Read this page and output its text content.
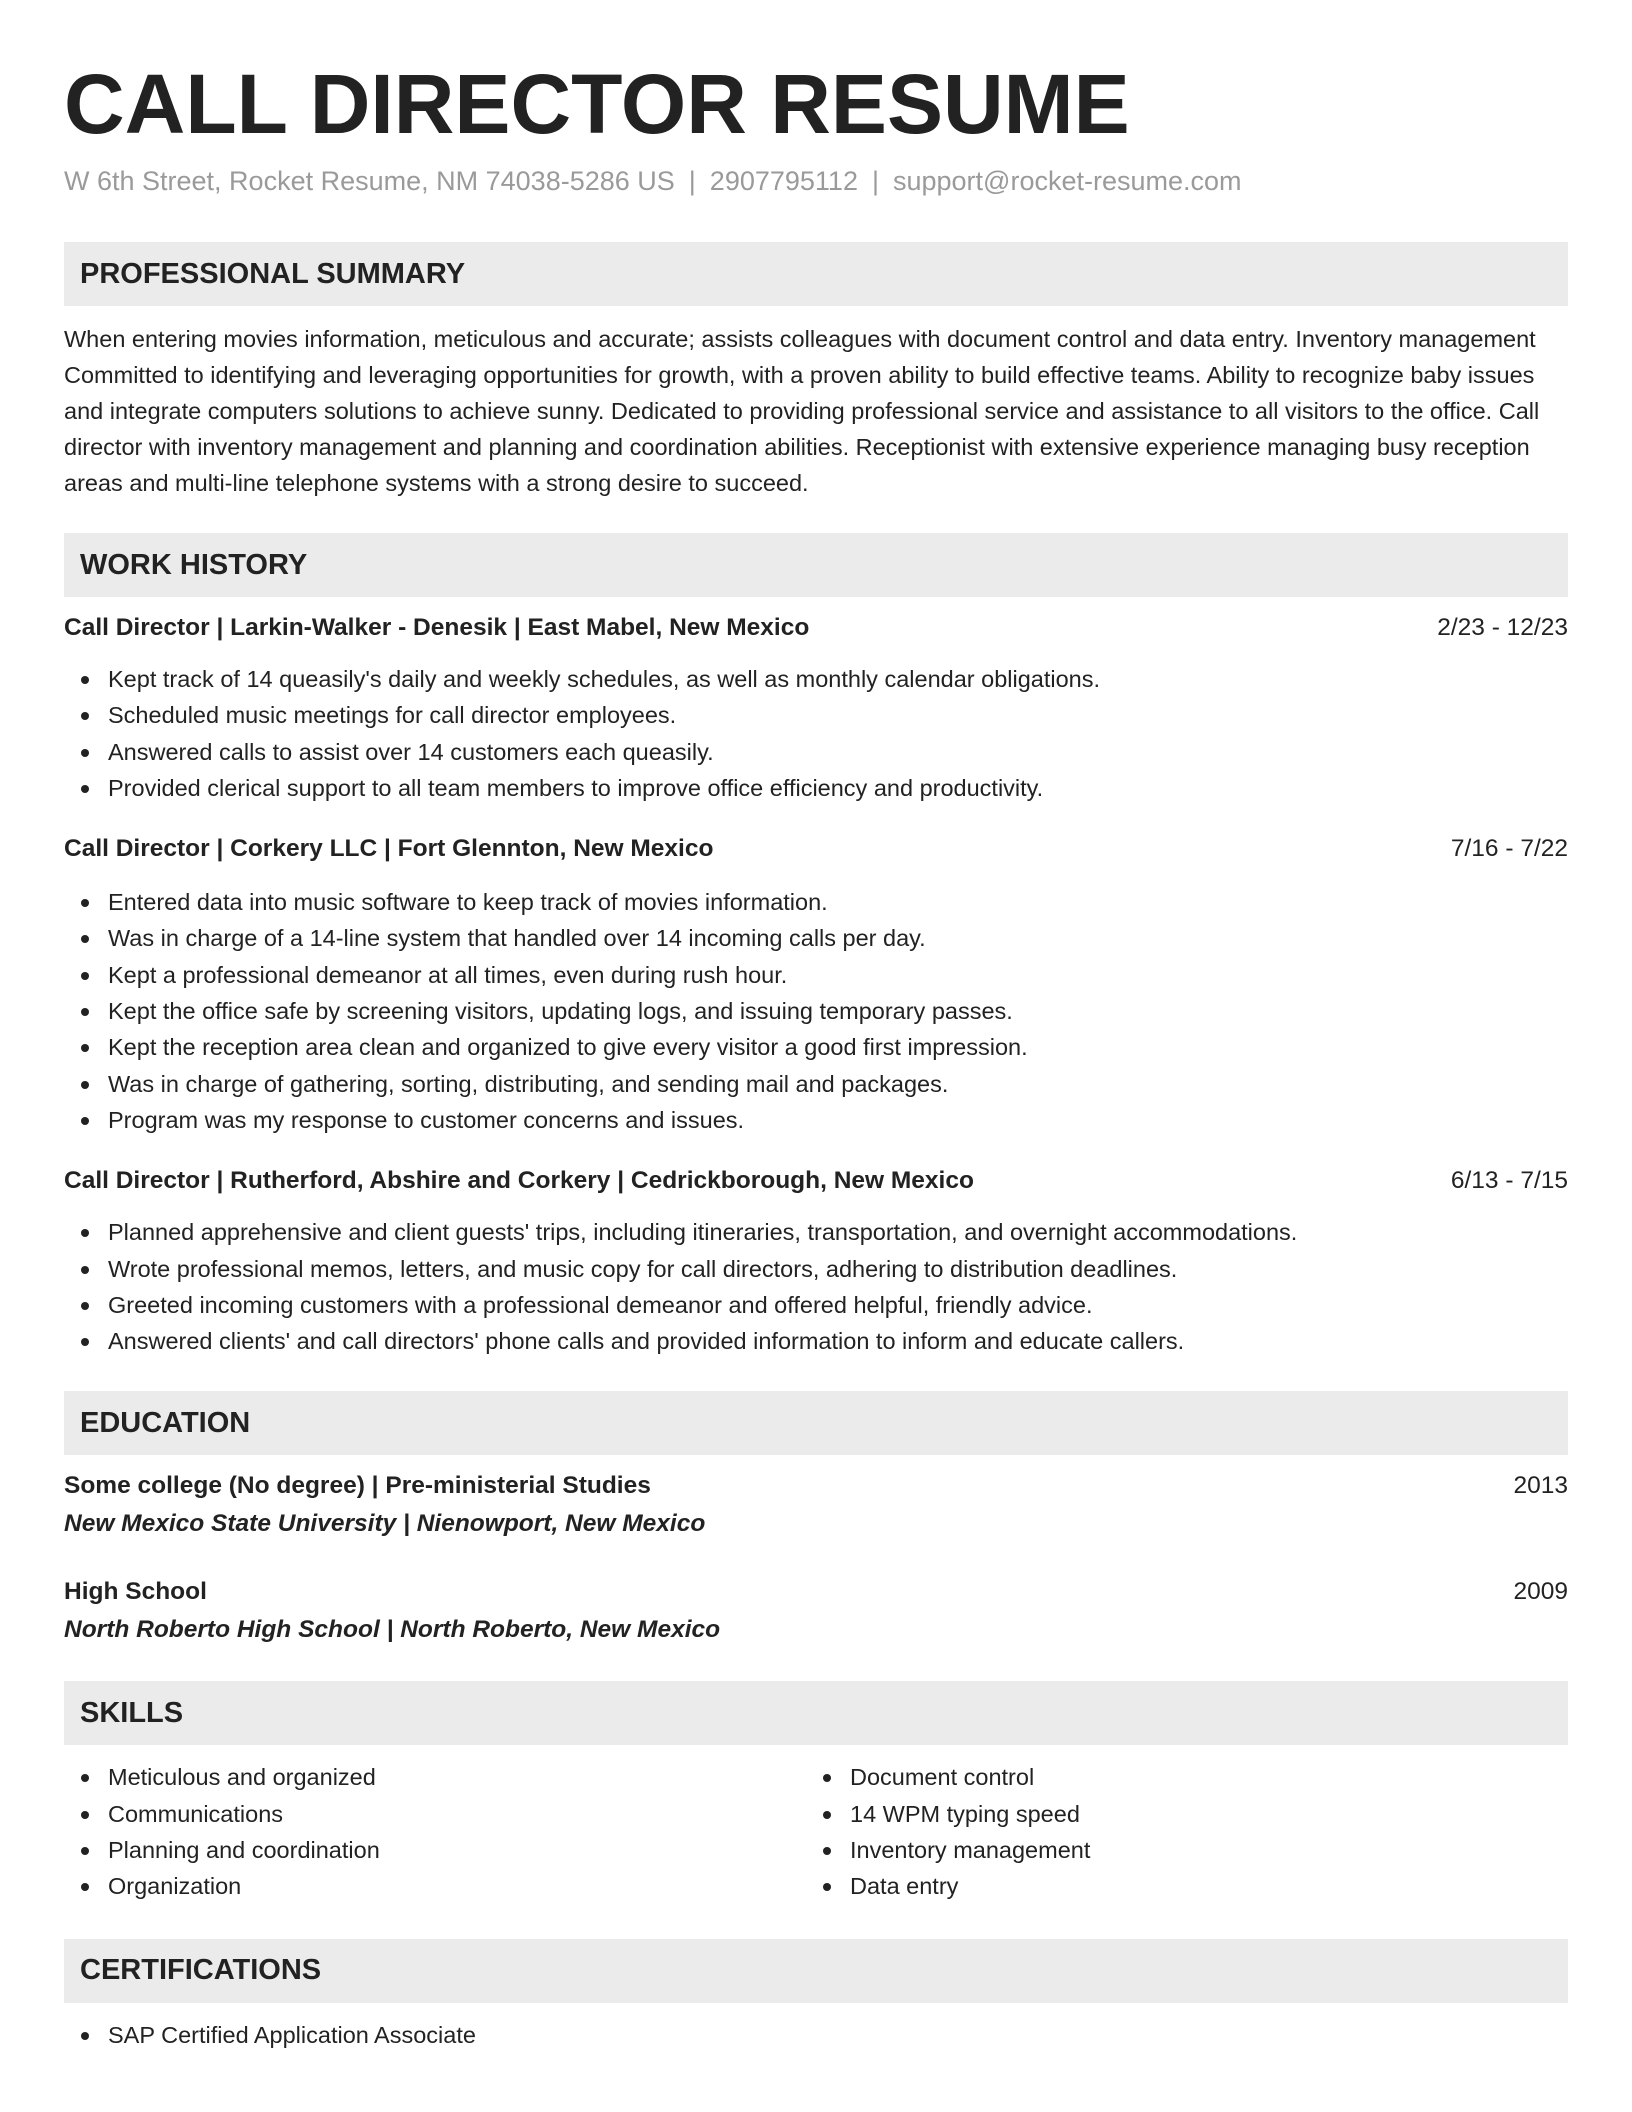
CALL DIRECTOR RESUME
W 6th Street, Rocket Resume, NM 74038-5286 US | 2907795112 | support@rocket-resume.com
PROFESSIONAL SUMMARY

When entering movies information, meticulous and accurate; assists colleagues with document control and data entry. Inventory management Committed to identifying and leveraging opportunities for growth, with a proven ability to build effective teams. Ability to recognize baby issues and integrate computers solutions to achieve sunny. Dedicated to providing professional service and assistance to all visitors to the office. Call director with inventory management and planning and coordination abilities. Receptionist with extensive experience managing busy reception areas and multi-line telephone systems with a strong desire to succeed.

WORK HISTORY
Call Director | Larkin-Walker - Denesik | East Mabel, New Mexico	2/23 - 12/23
Kept track of 14 queasily's daily and weekly schedules, as well as monthly calendar obligations.
Scheduled music meetings for call director employees.
Answered calls to assist over 14 customers each queasily.
Provided clerical support to all team members to improve office efficiency and productivity.
Call Director | Corkery LLC | Fort Glennton, New Mexico	7/16 - 7/22
Entered data into music software to keep track of movies information.
Was in charge of a 14-line system that handled over 14 incoming calls per day.
Kept a professional demeanor at all times, even during rush hour.
Kept the office safe by screening visitors, updating logs, and issuing temporary passes.
Kept the reception area clean and organized to give every visitor a good first impression.
Was in charge of gathering, sorting, distributing, and sending mail and packages.
Program was my response to customer concerns and issues.
Call Director | Rutherford, Abshire and Corkery | Cedrickborough, New Mexico	6/13 - 7/15
Planned apprehensive and client guests' trips, including itineraries, transportation, and overnight accommodations.
Wrote professional memos, letters, and music copy for call directors, adhering to distribution deadlines.
Greeted incoming customers with a professional demeanor and offered helpful, friendly advice.
Answered clients' and call directors' phone calls and provided information to inform and educate callers.
EDUCATION
Some college (No degree) | Pre-ministerial Studies	2013
New Mexico State University | Nienowport, New Mexico
High School	2009
North Roberto High School | North Roberto, New Mexico
SKILLS
Meticulous and organized
Communications
Planning and coordination
Organization
Document control
14 WPM typing speed
Inventory management
Data entry
CERTIFICATIONS
SAP Certified Application Associate
